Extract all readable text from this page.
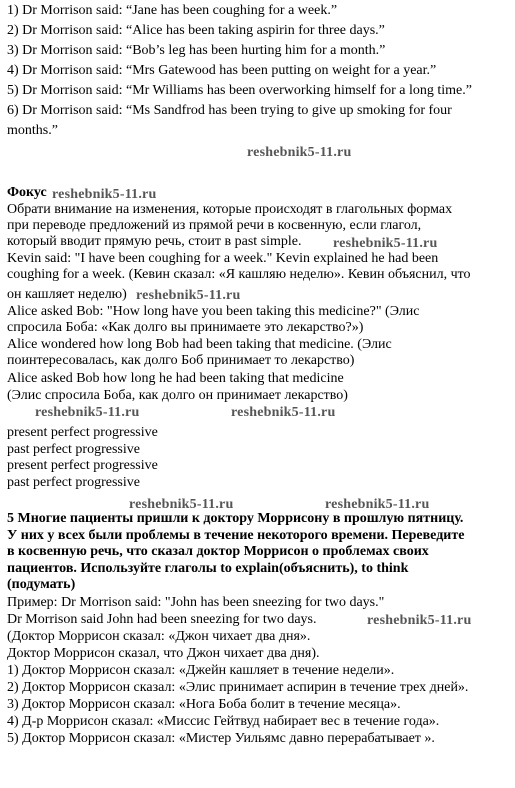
1) Dr Morrison said: “Jane has been coughing for a week.”
2) Dr Morrison said: “Alice has been taking aspirin for three days.”
3) Dr Morrison said: “Bob’s leg has been hurting him for a month.”
4) Dr Morrison said: “Mrs Gatewood has been putting on weight for a year.”
5) Dr Morrison said: “Mr Williams has been overworking himself for a long time.”
6) Dr Morrison said: “Ms Sandfrod has been trying to give up smoking for four
months.”
reshebnik5-11.ru
Фокус reshebnik5-11.ru
Обрати внимание на изменения, которые происходят в глагольных формах
при переводе предложений из прямой речи в косвенную, если глагол,
который вводит прямую речь, стоит в past simple. reshebnik5-11.ru
Kevin said: "I have been coughing for a week." Kevin explained he had been
coughing for a week. (Кевин сказал: «Я кашляю неделю». Кевин объяснил, что
он кашляет неделю) reshebnik5-11.ru
Alice asked Bob: "How long have you been taking this medicine?" (Элис
спросила Боба: «Как долго вы принимаете это лекарство?»)
Alice wondered how long Bob had been taking that medicine. (Элис
поинтересовалась, как долго Боб принимает то лекарство)
Alice asked Bob how long he had been taking that medicine
(Элис спросила Боба, как долго он принимает лекарство)
reshebnik5-11.ru	reshebnik5-11.ru
present perfect progressive
past perfect progressive
present perfect progressive
past perfect progressive
reshebnik5-11.ru	reshebnik5-11.ru
5 Многие пациенты пришли к доктору Моррисону в прошлую пятницу.
У них у всех были проблемы в течение некоторого времени. Переведите
в косвенную речь, что сказал доктор Моррисон о проблемах своих
пациентов. Используйте глаголы to explain(объяснить), to think
(подумать)
Пример: Dr Morrison said: "John has been sneezing for two days."
Dr Morrison said John had been sneezing for two days.	reshebnik5-11.ru
(Доктор Моррисон сказал: «Джон чихает два дня».
Доктор Моррисон сказал, что Джон чихает два дня).
1) Доктор Моррисон сказал: «Джейн кашляет в течение недели».
2) Доктор Моррисон сказал: «Элис принимает аспирин в течение трех дней».
3) Доктор Моррисон сказал: «Нога Боба болит в течение месяца».
4) Д-р Моррисон сказал: «Миссис Гейтвуд набирает вес в течение года».
5) Доктор Моррисон сказал: «Мистер Уильямс давно перерабатывает ».
